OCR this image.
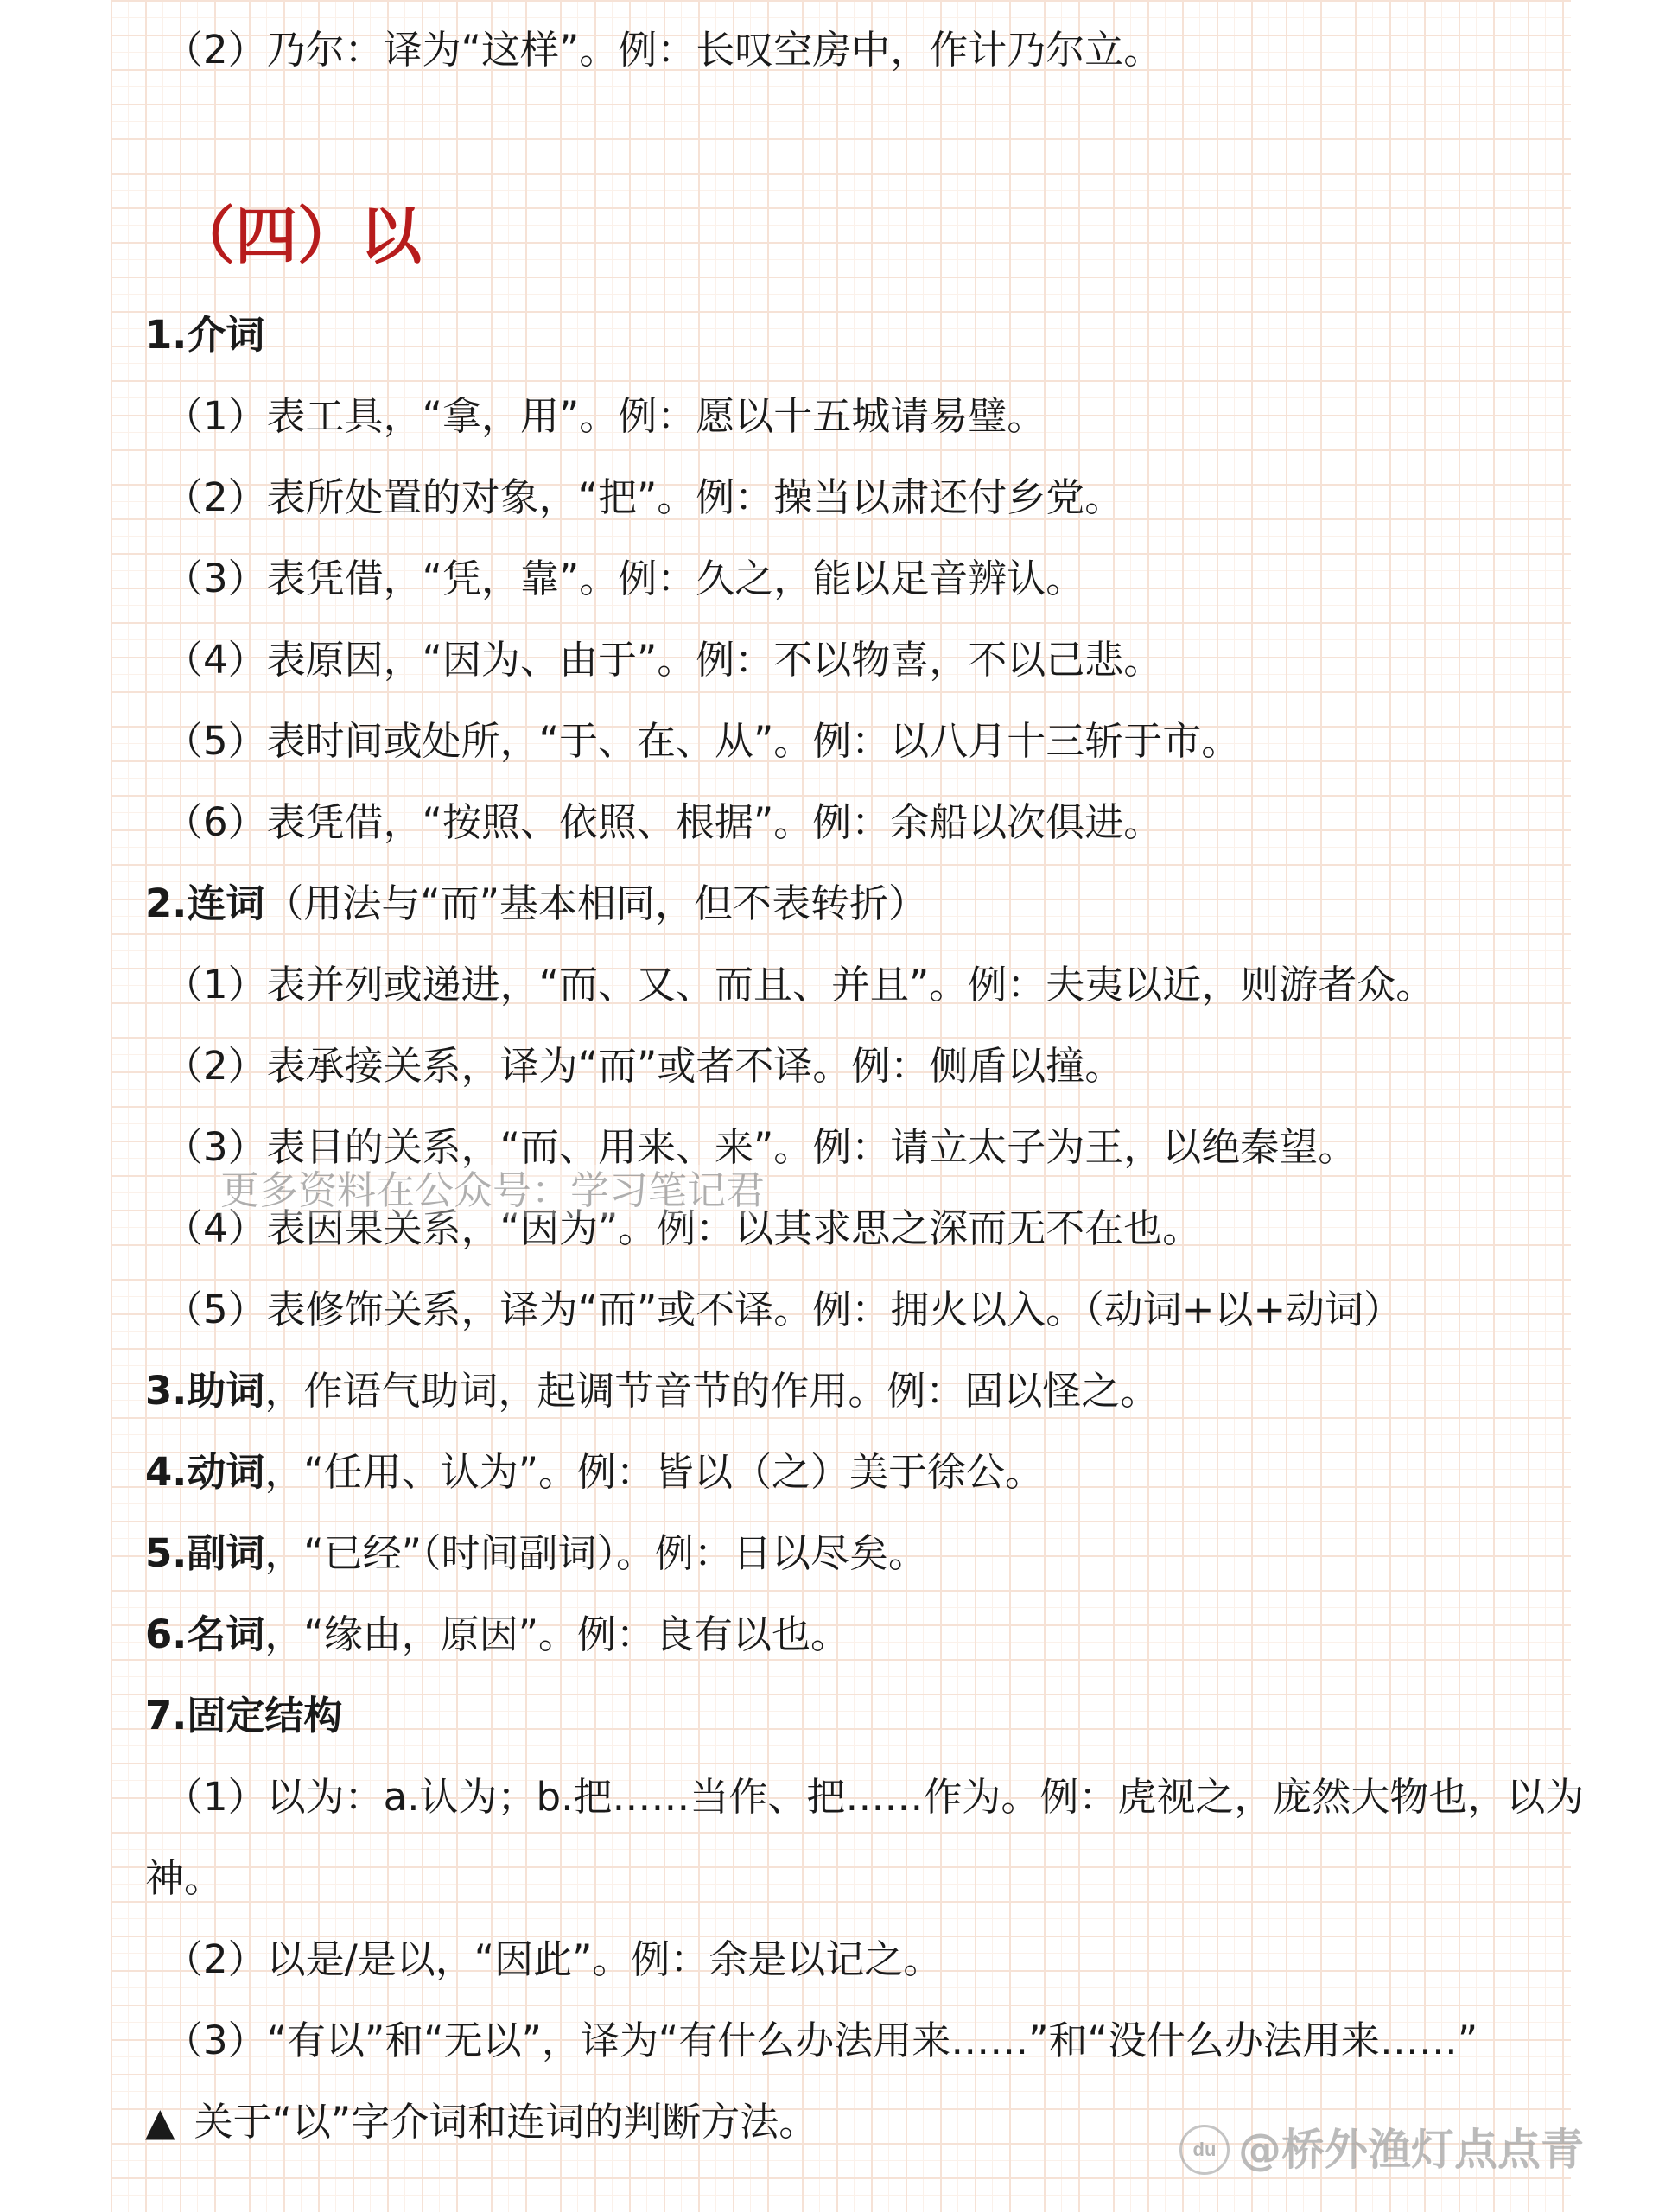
（2）乃尔：译为“这样”。例：长叹空房中，作计乃尔立。
（四）以
1.介词
（1）表工具，“拿，用”。例：愿以十五城请易璧。
（2）表所处置的对象，“把”。例：操当以肃还付乡党。
（3）表凭借，“凭，靠”。例：久之，能以足音辨认。
（4）表原因，“因为、由于”。例：不以物喜，不以己悲。
（5）表时间或处所，“于、在、从”。例：以八月十三斩于市。
（6）表凭借，“按照、依照、根据”。例：余船以次俱进。
2.连词（用法与“而”基本相同，但不表转折）
（1）表并列或递进，“而、又、而且、并且”。例：夫夷以近，则游者众。
（2）表承接关系，译为“而”或者不译。例：侧盾以撞。
（3）表目的关系，“而、用来、来”。例：请立太子为王，以绝秦望。
（4）表因果关系，“因为”。例：以其求思之深而无不在也。
（5）表修饰关系，译为“而”或不译。例：拥火以入。（动词+以+动词）
更多资料在公众号：学习笔记君
3.助词，作语气助词，起调节音节的作用。例：固以怪之。
4.动词，“任用、认为”。例：皆以（之）美于徐公。
5.副词，“已经”（时间副词）。例：日以尽矣。
6.名词，“缘由，原因”。例：良有以也。
7.固定结构
（1）以为：a.认为；b.把……当作、把……作为。例：虎视之，庞然大物也，以为
神。
（2）以是/是以，“因此”。例：余是以记之。
（3）“有以”和“无以”，译为“有什么办法用来……”和“没什么办法用来……”
▲ 关于“以”字介词和连词的判断方法。
du @桥外渔灯点点青
